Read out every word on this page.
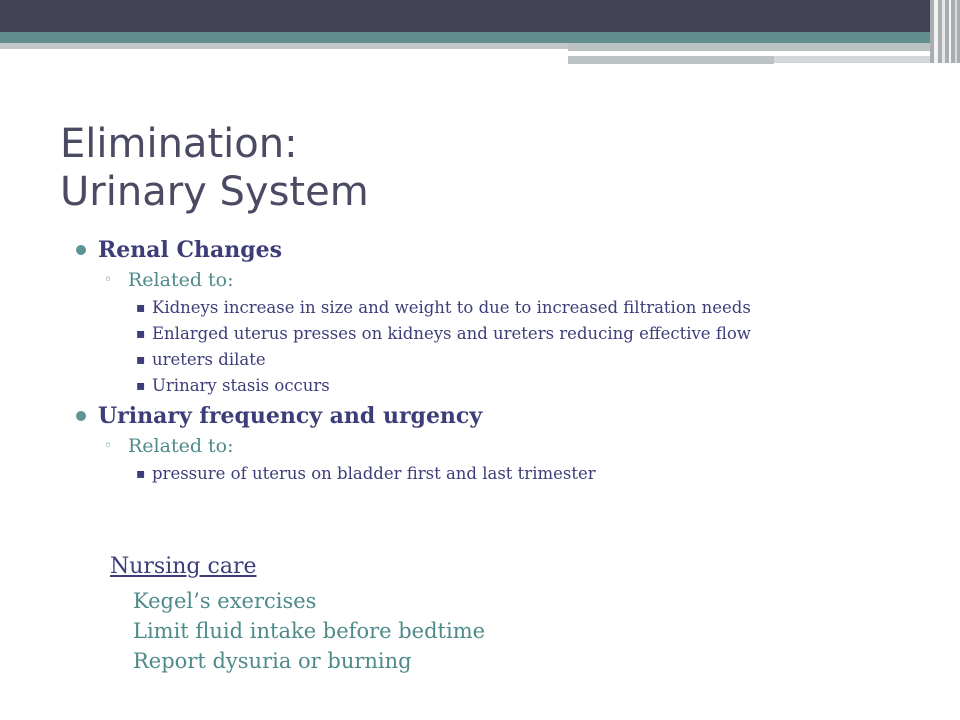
Elimination:
Urinary System
Renal Changes
◦ Related to:
▪ Kidneys increase in size and weight to due to increased filtration needs
▪ Enlarged uterus presses on kidneys and ureters reducing effective flow
▪ ureters dilate
▪ Urinary stasis occurs
Urinary frequency and urgency
◦ Related to:
▪ pressure of uterus on bladder first and last trimester
Nursing care
Kegel’s exercises
Limit fluid intake before bedtime
Report dysuria or burning
